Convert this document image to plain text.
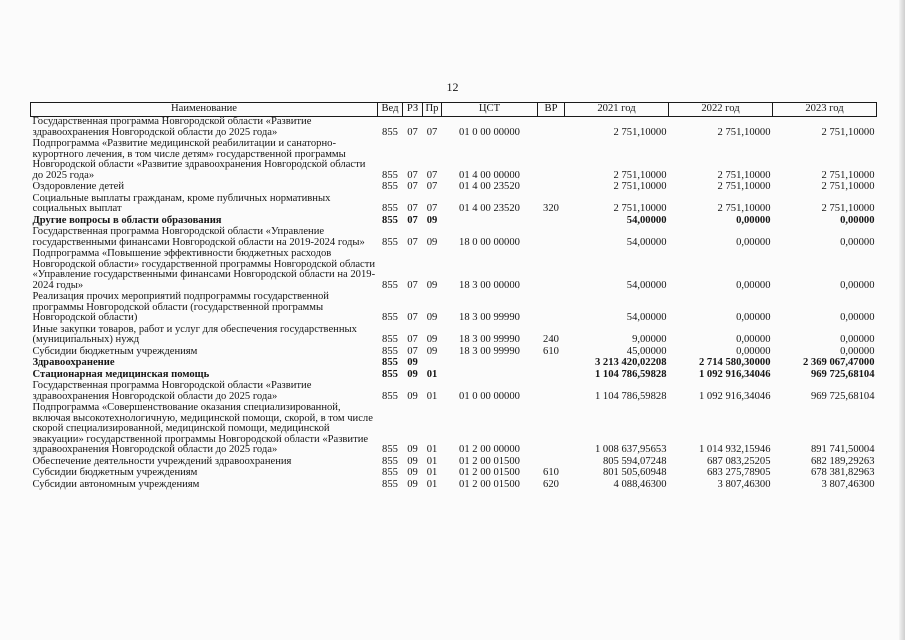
12
Наименование	Вед	РЗ	Пр	ЦСТ	ВР	2021 год	2022 год	2023 год
Государственная программа Новгородской области «Развитие здравоохранения Новгородской области до 2025 года»	855	07	07	01 0 00 00000		2 751,10000	2 751,10000	2 751,10000
Подпрограмма «Развитие медицинской реабилитации и санаторно-курортного лечения, в том числе детям» государственной программы Новгородской области «Развитие здравоохранения Новгородской области до 2025 года»	855	07	07	01 4 00 00000		2 751,10000	2 751,10000	2 751,10000
Оздоровление детей	855	07	07	01 4 00 23520		2 751,10000	2 751,10000	2 751,10000
Социальные выплаты гражданам, кроме публичных нормативных социальных выплат	855	07	07	01 4 00 23520	320	2 751,10000	2 751,10000	2 751,10000
Другие вопросы в области образования	855	07	09			54,00000	0,00000	0,00000
Государственная программа Новгородской области «Управление государственными финансами Новгородской области на 2019-2024 годы»	855	07	09	18 0 00 00000		54,00000	0,00000	0,00000
Подпрограмма «Повышение эффективности бюджетных расходов Новгородской области» государственной программы Новгородской области «Управление государственными финансами Новгородской области на 2019-2024 годы»	855	07	09	18 3 00 00000		54,00000	0,00000	0,00000
Реализация прочих мероприятий подпрограммы государственной программы Новгородской области (государственной программы Новгородской области)	855	07	09	18 3 00 99990		54,00000	0,00000	0,00000
Иные закупки товаров, работ и услуг для обеспечения государственных (муниципальных) нужд	855	07	09	18 3 00 99990	240	9,00000	0,00000	0,00000
Субсидии бюджетным учреждениям	855	07	09	18 3 00 99990	610	45,00000	0,00000	0,00000
Здравоохранение	855	09				3 213 420,02208	2 714 580,30000	2 369 067,47000
Стационарная медицинская помощь	855	09	01			1 104 786,59828	1 092 916,34046	969 725,68104
Государственная программа Новгородской области «Развитие здравоохранения Новгородской области до 2025 года»	855	09	01	01 0 00 00000		1 104 786,59828	1 092 916,34046	969 725,68104
Подпрограмма «Совершенствование оказания специализированной, включая высокотехнологичную, медицинской помощи, скорой, в том числе скорой специализированной, медицинской помощи, медицинской эвакуации» государственной программы Новгородской области «Развитие здравоохранения Новгородской области до 2025 года»	855	09	01	01 2 00 00000		1 008 637,95653	1 014 932,15946	891 741,50004
Обеспечение деятельности учреждений здравоохранения	855	09	01	01 2 00 01500		805 594,07248	687 083,25205	682 189,29263
Субсидии бюджетным учреждениям	855	09	01	01 2 00 01500	610	801 505,60948	683 275,78905	678 381,82963
Субсидии автономным учреждениям	855	09	01	01 2 00 01500	620	4 088,46300	3 807,46300	3 807,46300
